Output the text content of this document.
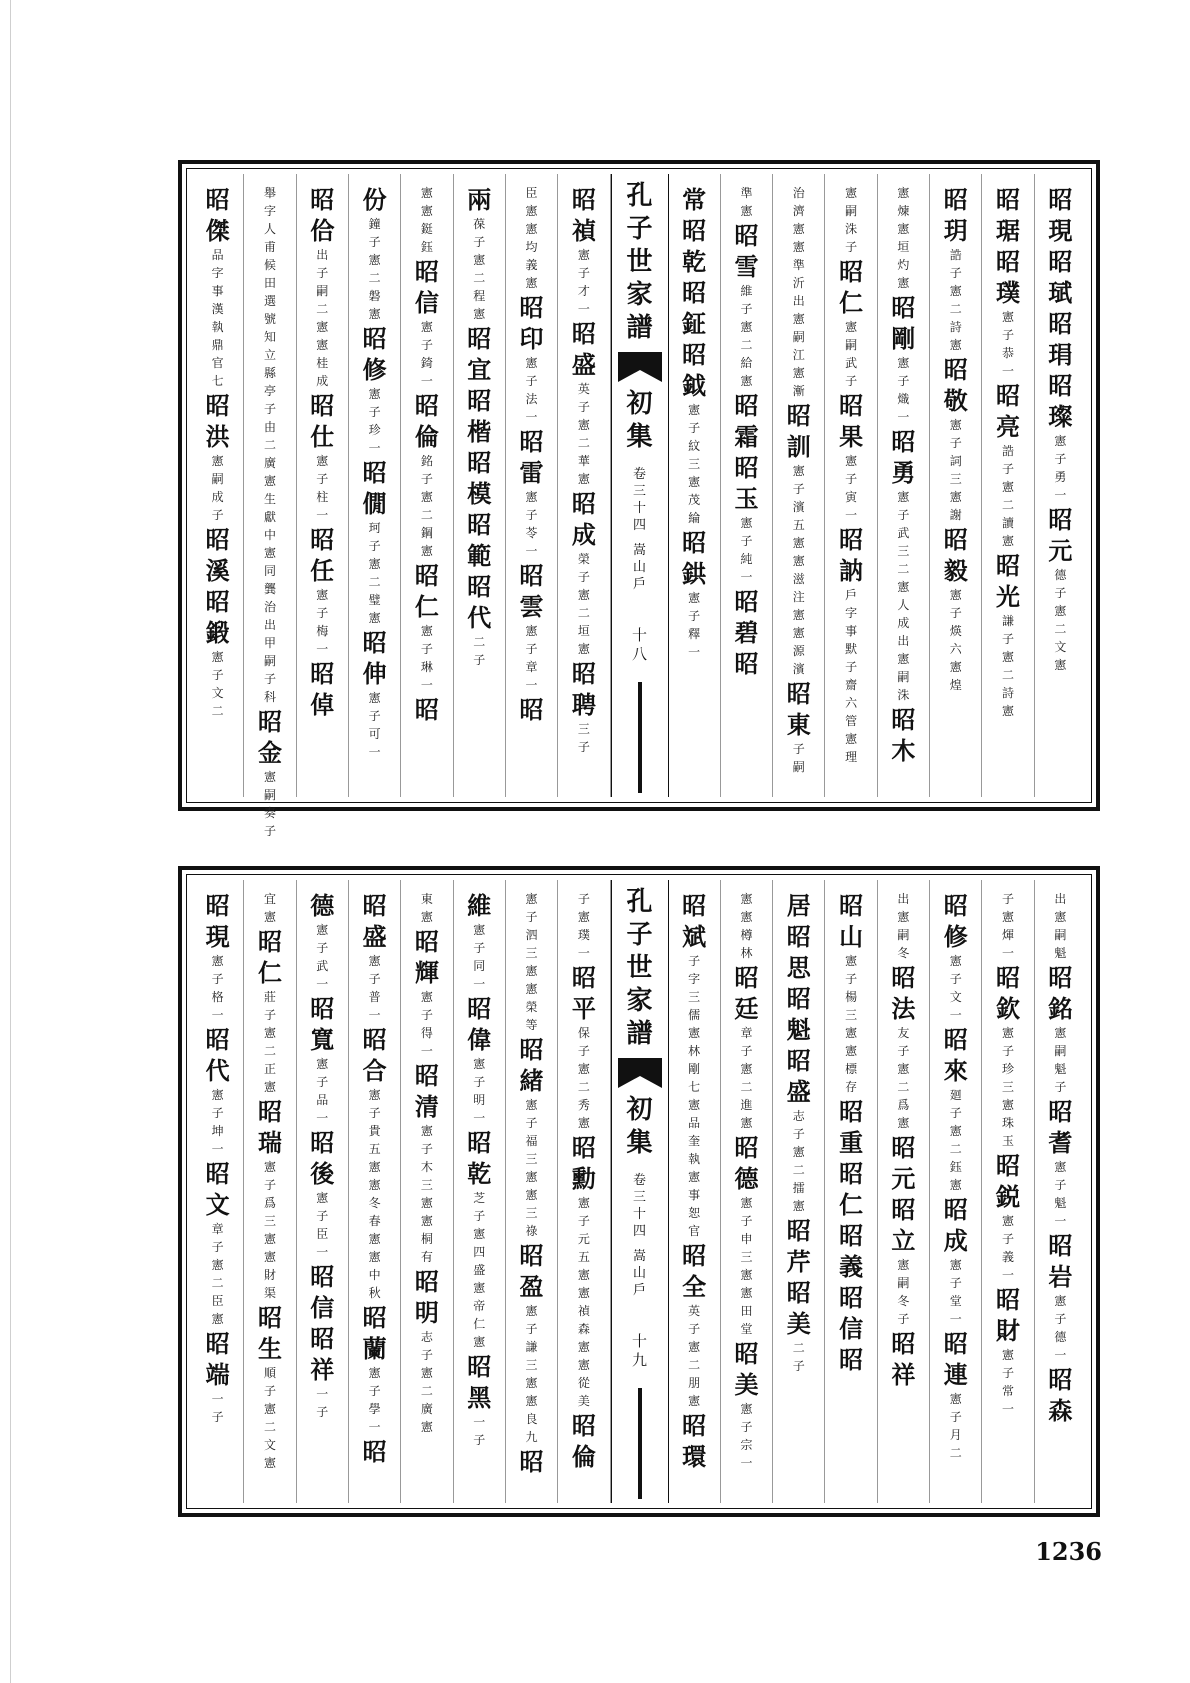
昭
現
昭
珷
昭
琄
昭
璨
憲
子
勇
一
昭
元
德
子
憲
二
文
憲
昭
琚
昭
璞
憲
子
恭
一
昭
亮
誥
子
憲
二
讀
憲
昭
光
謙
子
憲
二
詩
憲
昭
玥
誥
子
憲
二
詩
憲
昭
敬
憲
子
詞
三
憲
謝
昭
毅
憲
子
煐
六
憲
煌
憲
煉
憲
垣
灼
憲
昭
剛
憲
子
熾
一
昭
勇
憲
子
武
三
二
憲
人
成
出
憲
嗣
洙
昭
木
憲
嗣
洙
子
昭
仁
憲
嗣
武
子
昭
果
憲
子
寅
一
昭
訥
戶
字
事
默
子
齋
六
管
憲
理
治
濟
憲
憲
準
沂
出
憲
嗣
江
憲
漸
昭
訓
憲
子
濱
五
憲
憲
滋
注
憲
憲
源
濱
昭
東
子
嗣
準
憲
昭
雪
維
子
憲
二
給
憲
昭
霜
昭
玉
憲
子
純
一
昭
碧
昭
常
昭
乾
昭
鉦
昭
鉞
憲
子
紋
三
憲
茂
綸
昭
鉷
憲
子
釋
一
孔
子
世
家
譜
初
集
卷
三
十
四
嵩
山
戶
十
八
昭
禎
憲
子
才
一
昭
盛
英
子
憲
二
華
憲
昭
成
榮
子
憲
二
垣
憲
昭
聘
三
子
臣
憲
憲
均
義
憲
昭
印
憲
子
法
一
昭
雷
憲
子
苓
一
昭
雲
憲
子
章
一
昭
兩
葆
子
憲
二
程
憲
昭
宜
昭
楷
昭
模
昭
範
昭
代
二
子
憲
憲
鋌
鈺
昭
信
憲
子
錡
一
昭
倫
銘
子
憲
二
鋼
憲
昭
仁
憲
子
琳
一
昭
份
鐘
子
憲
二
磐
憲
昭
修
憲
子
珍
一
昭
僩
珂
子
憲
二
璧
憲
昭
伸
憲
子
可
一
昭
佮
出
子
嗣
二
憲
憲
桂
成
昭
仕
憲
子
柱
一
昭
任
憲
子
梅
一
昭
倬
舉
字
人
甫
候
田
選
號
知
立
縣
亭
子
由
二
廣
憲
生
獻
中
憲
同
龔
治
出
甲
嗣
子
科
昭
金
憲
嗣
奏
子
昭
傑
品
字
事
漢
執
鼎
官
七
昭
洪
憲
嗣
成
子
昭
溪
昭
鍛
憲
子
文
二
出
憲
嗣
魁
昭
銘
憲
嗣
魁
子
昭
耆
憲
子
魁
一
昭
岩
憲
子
德
一
昭
森
子
憲
煇
一
昭
欽
憲
子
珍
三
憲
珠
玉
昭
鋭
憲
子
義
一
昭
財
憲
子
常
一
昭
修
憲
子
文
一
昭
來
廻
子
憲
二
鈺
憲
昭
成
憲
子
堂
一
昭
連
憲
子
月
二
出
憲
嗣
冬
昭
法
友
子
憲
二
爲
憲
昭
元
昭
立
憲
嗣
冬
子
昭
祥
昭
山
憲
子
楊
三
憲
憲
標
存
昭
重
昭
仁
昭
義
昭
信
昭
居
昭
思
昭
魁
昭
盛
志
子
憲
二
擂
憲
昭
芹
昭
美
二
子
憲
憲
樽
林
昭
廷
章
子
憲
二
進
憲
昭
德
憲
子
申
三
憲
憲
田
堂
昭
美
憲
子
宗
一
昭
斌
子
字
三
儒
憲
林
剛
七
憲
品
奎
執
憲
事
恕
官
昭
全
英
子
憲
二
朋
憲
昭
環
孔
子
世
家
譜
初
集
卷
三
十
四
嵩
山
戶
十
九
子
憲
璞
一
昭
平
保
子
憲
二
秀
憲
昭
勳
憲
子
元
五
憲
憲
禎
森
憲
憲
從
美
昭
倫
憲
子
泗
三
憲
憲
榮
等
昭
緒
憲
子
福
三
憲
憲
三
祿
昭
盈
憲
子
謙
三
憲
憲
良
九
昭
維
憲
子
同
一
昭
偉
憲
子
明
一
昭
乾
芝
子
憲
四
盛
憲
帝
仁
憲
昭
黑
一
子
東
憲
昭
輝
憲
子
得
一
昭
清
憲
子
木
三
憲
憲
桐
有
昭
明
志
子
憲
二
廣
憲
昭
盛
憲
子
普
一
昭
合
憲
子
貴
五
憲
憲
冬
春
憲
憲
中
秋
昭
蘭
憲
子
學
一
昭
德
憲
子
武
一
昭
寬
憲
子
品
一
昭
後
憲
子
臣
一
昭
信
昭
祥
一
子
宜
憲
昭
仁
莊
子
憲
二
正
憲
昭
瑞
憲
子
爲
三
憲
憲
財
渠
昭
生
順
子
憲
二
文
憲
昭
現
憲
子
格
一
昭
代
憲
子
坤
一
昭
文
章
子
憲
二
臣
憲
昭
端
一
子
1236
